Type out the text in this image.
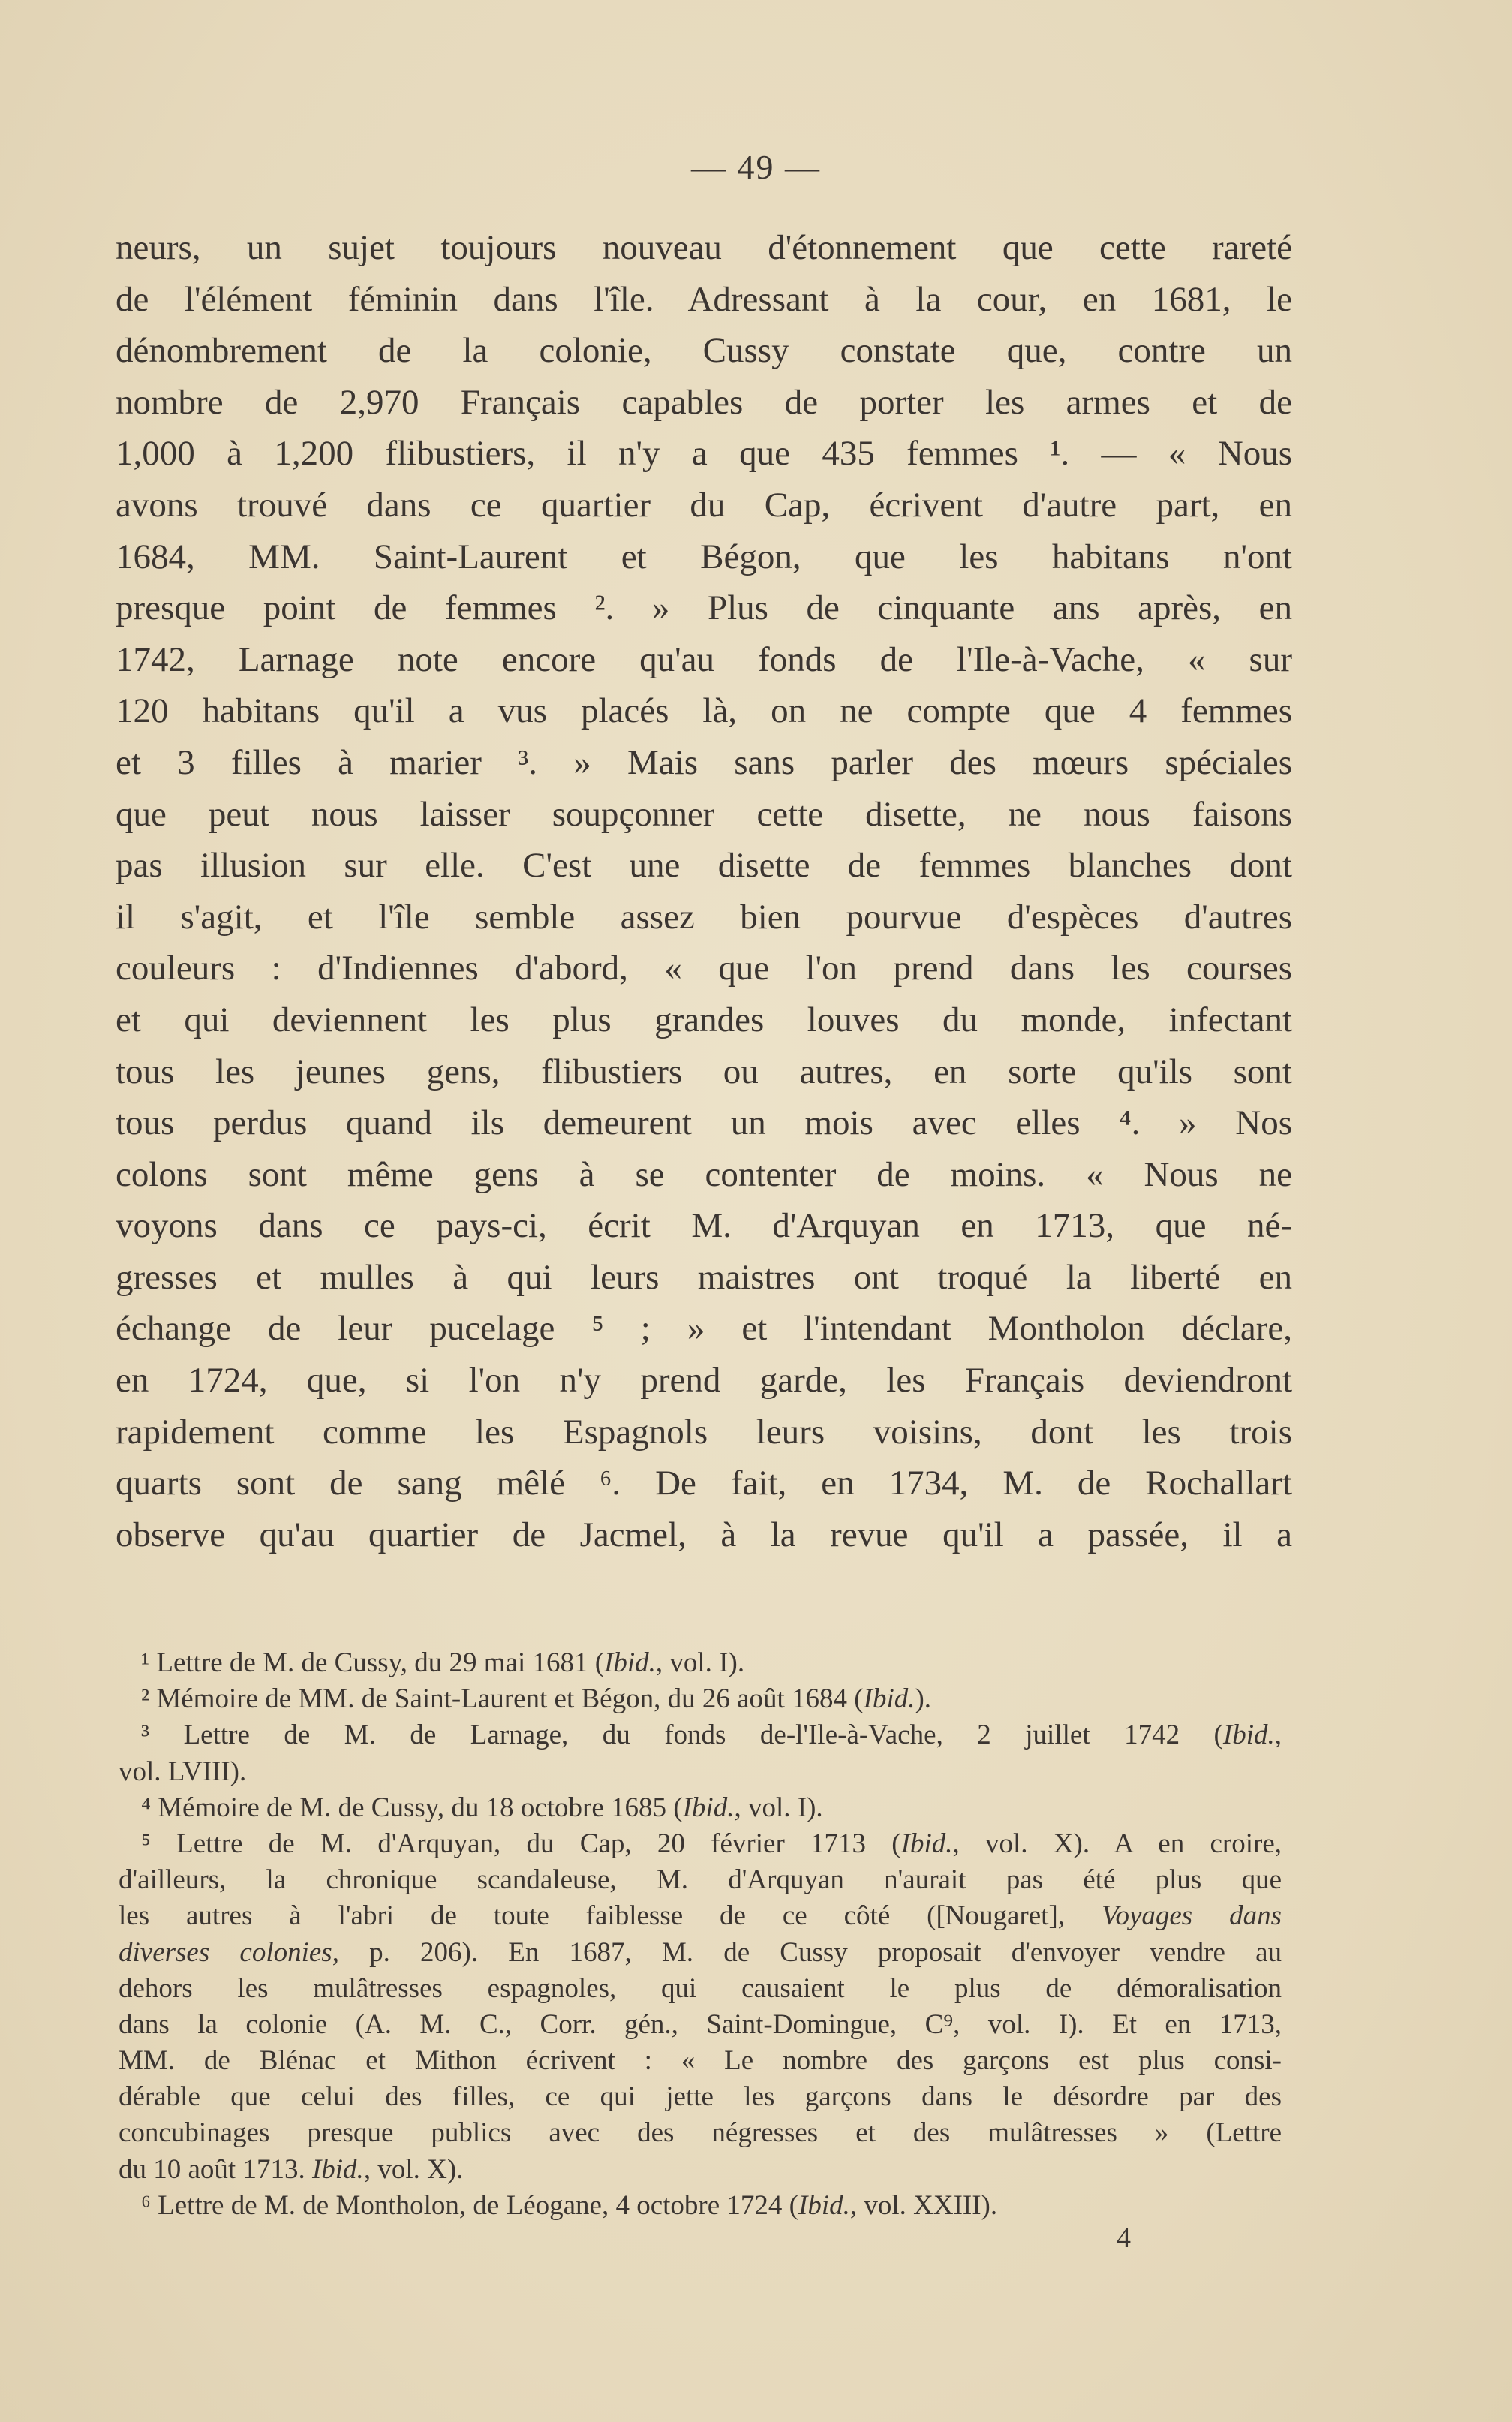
— 49 —
neurs, un sujet toujours nouveau d'étonnement que cette rareté
de l'élément féminin dans l'île. Adressant à la cour, en 1681, le
dénombrement de la colonie, Cussy constate que, contre un
nombre de 2,970 Français capables de porter les armes et de
1,000 à 1,200 flibustiers, il n'y a que 435 femmes ¹. — « Nous
avons trouvé dans ce quartier du Cap, écrivent d'autre part, en
1684, MM. Saint-Laurent et Bégon, que les habitans n'ont
presque point de femmes ². » Plus de cinquante ans après, en
1742, Larnage note encore qu'au fonds de l'Ile-à-Vache, « sur
120 habitans qu'il a vus placés là, on ne compte que 4 femmes
et 3 filles à marier ³. » Mais sans parler des mœurs spéciales
que peut nous laisser soupçonner cette disette, ne nous faisons
pas illusion sur elle. C'est une disette de femmes blanches dont
il s'agit, et l'île semble assez bien pourvue d'espèces d'autres
couleurs : d'Indiennes d'abord, « que l'on prend dans les courses
et qui deviennent les plus grandes louves du monde, infectant
tous les jeunes gens, flibustiers ou autres, en sorte qu'ils sont
tous perdus quand ils demeurent un mois avec elles ⁴. » Nos
colons sont même gens à se contenter de moins. « Nous ne
voyons dans ce pays-ci, écrit M. d'Arquyan en 1713, que né-
gresses et mulles à qui leurs maistres ont troqué la liberté en
échange de leur pucelage ⁵ ; » et l'intendant Montholon déclare,
en 1724, que, si l'on n'y prend garde, les Français deviendront
rapidement comme les Espagnols leurs voisins, dont les trois
quarts sont de sang mêlé ⁶. De fait, en 1734, M. de Rochallart
observe qu'au quartier de Jacmel, à la revue qu'il a passée, il a
¹ Lettre de M. de Cussy, du 29 mai 1681 (Ibid., vol. I).
² Mémoire de MM. de Saint-Laurent et Bégon, du 26 août 1684 (Ibid.).
³ Lettre de M. de Larnage, du fonds de-l'Ile-à-Vache, 2 juillet 1742 (Ibid.,
vol. LVIII).
⁴ Mémoire de M. de Cussy, du 18 octobre 1685 (Ibid., vol. I).
⁵ Lettre de M. d'Arquyan, du Cap, 20 février 1713 (Ibid., vol. X). A en croire,
d'ailleurs, la chronique scandaleuse, M. d'Arquyan n'aurait pas été plus que
les autres à l'abri de toute faiblesse de ce côté ([Nougaret], Voyages dans
diverses colonies, p. 206). En 1687, M. de Cussy proposait d'envoyer vendre au
dehors les mulâtresses espagnoles, qui causaient le plus de démoralisation
dans la colonie (A. M. C., Corr. gén., Saint-Domingue, C⁹, vol. I). Et en 1713,
MM. de Blénac et Mithon écrivent : « Le nombre des garçons est plus consi-
dérable que celui des filles, ce qui jette les garçons dans le désordre par des
concubinages presque publics avec des négresses et des mulâtresses » (Lettre
du 10 août 1713. Ibid., vol. X).
⁶ Lettre de M. de Montholon, de Léogane, 4 octobre 1724 (Ibid., vol. XXIII).
4
